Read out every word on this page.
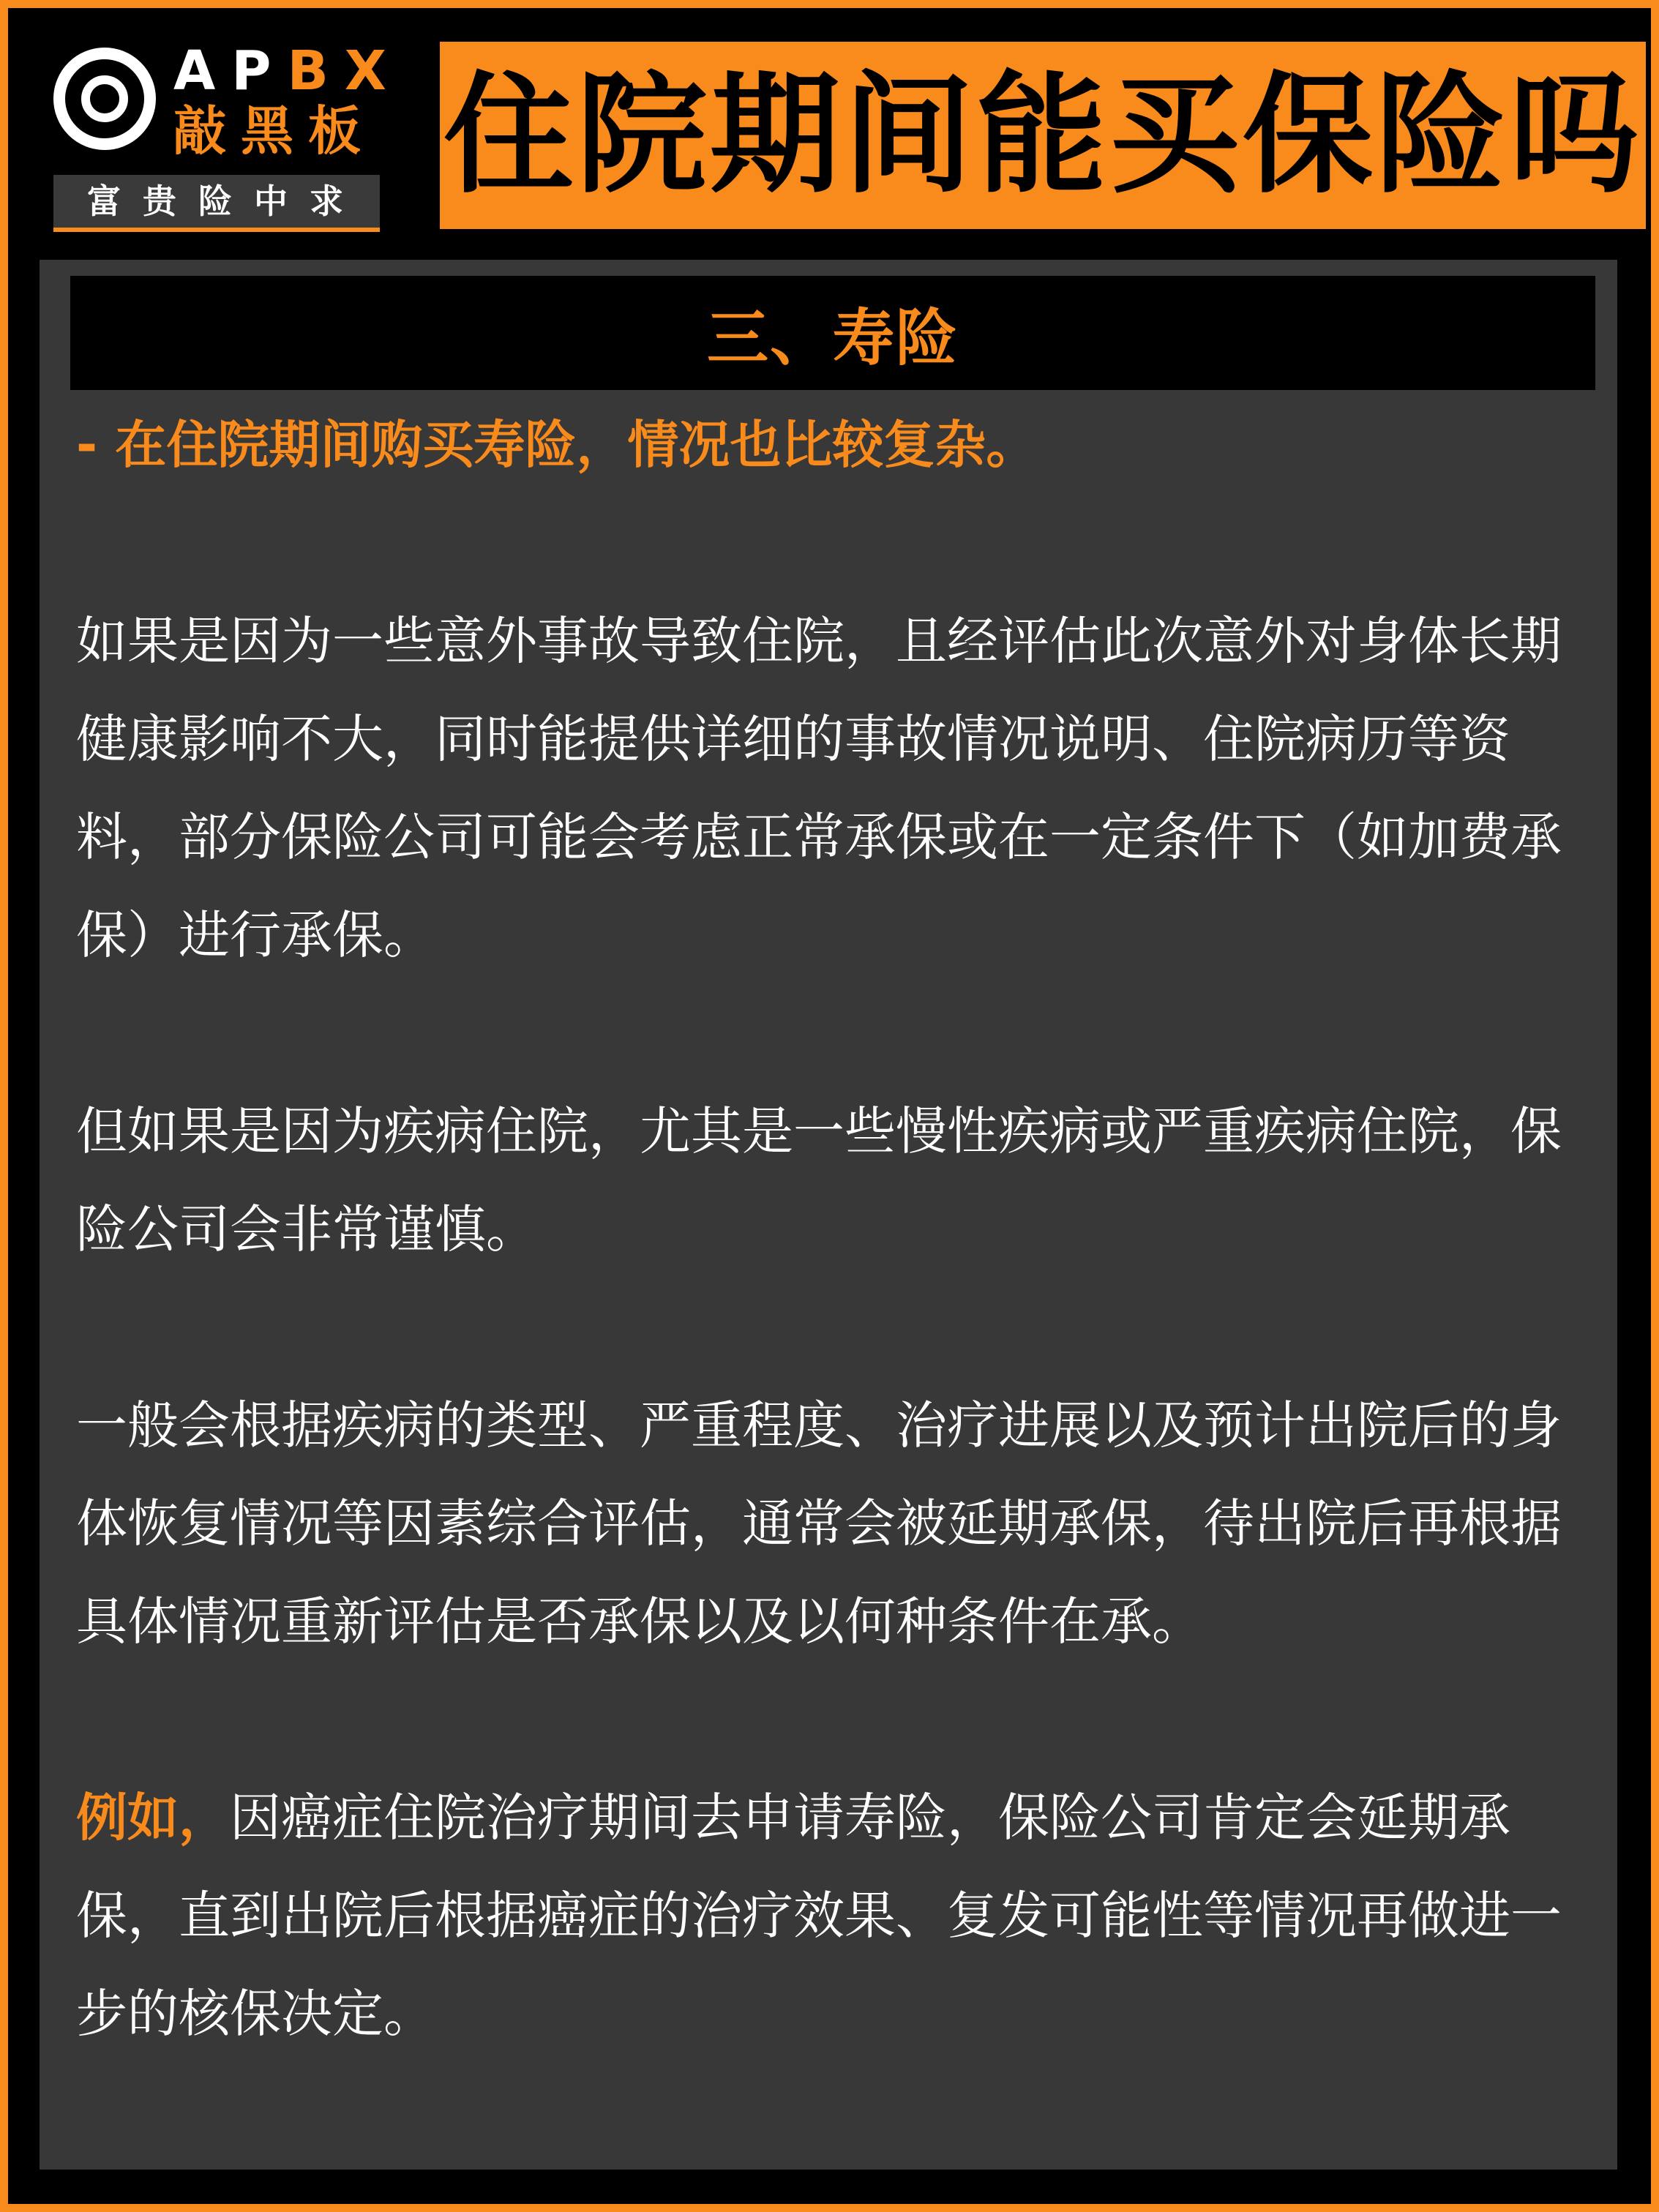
APBX
敲黑板
富贵险中求 住院期间能买保险吗
三、寿险

- 在住院期间购买寿险，情况也比较复杂。

如果是因为一些意外事故导致住院，且经评估此次意外对身体长期健康影响不大，同时能提供详细的事故情况说明、住院病历等资料，部分保险公司可能会考虑正常承保或在一定条件下（如加费承保）进行承保。

但如果是因为疾病住院，尤其是一些慢性疾病或严重疾病住院，保险公司会非常谨慎。

一般会根据疾病的类型、严重程度、治疗进展以及预计出院后的身体恢复情况等因素综合评估，通常会被延期承保，待出院后再根据具体情况重新评估是否承保以及以何种条件在承。

例如，因癌症住院治疗期间去申请寿险，保险公司肯定会延期承保，直到出院后根据癌症的治疗效果、复发可能性等情况再做进一步的核保决定。
